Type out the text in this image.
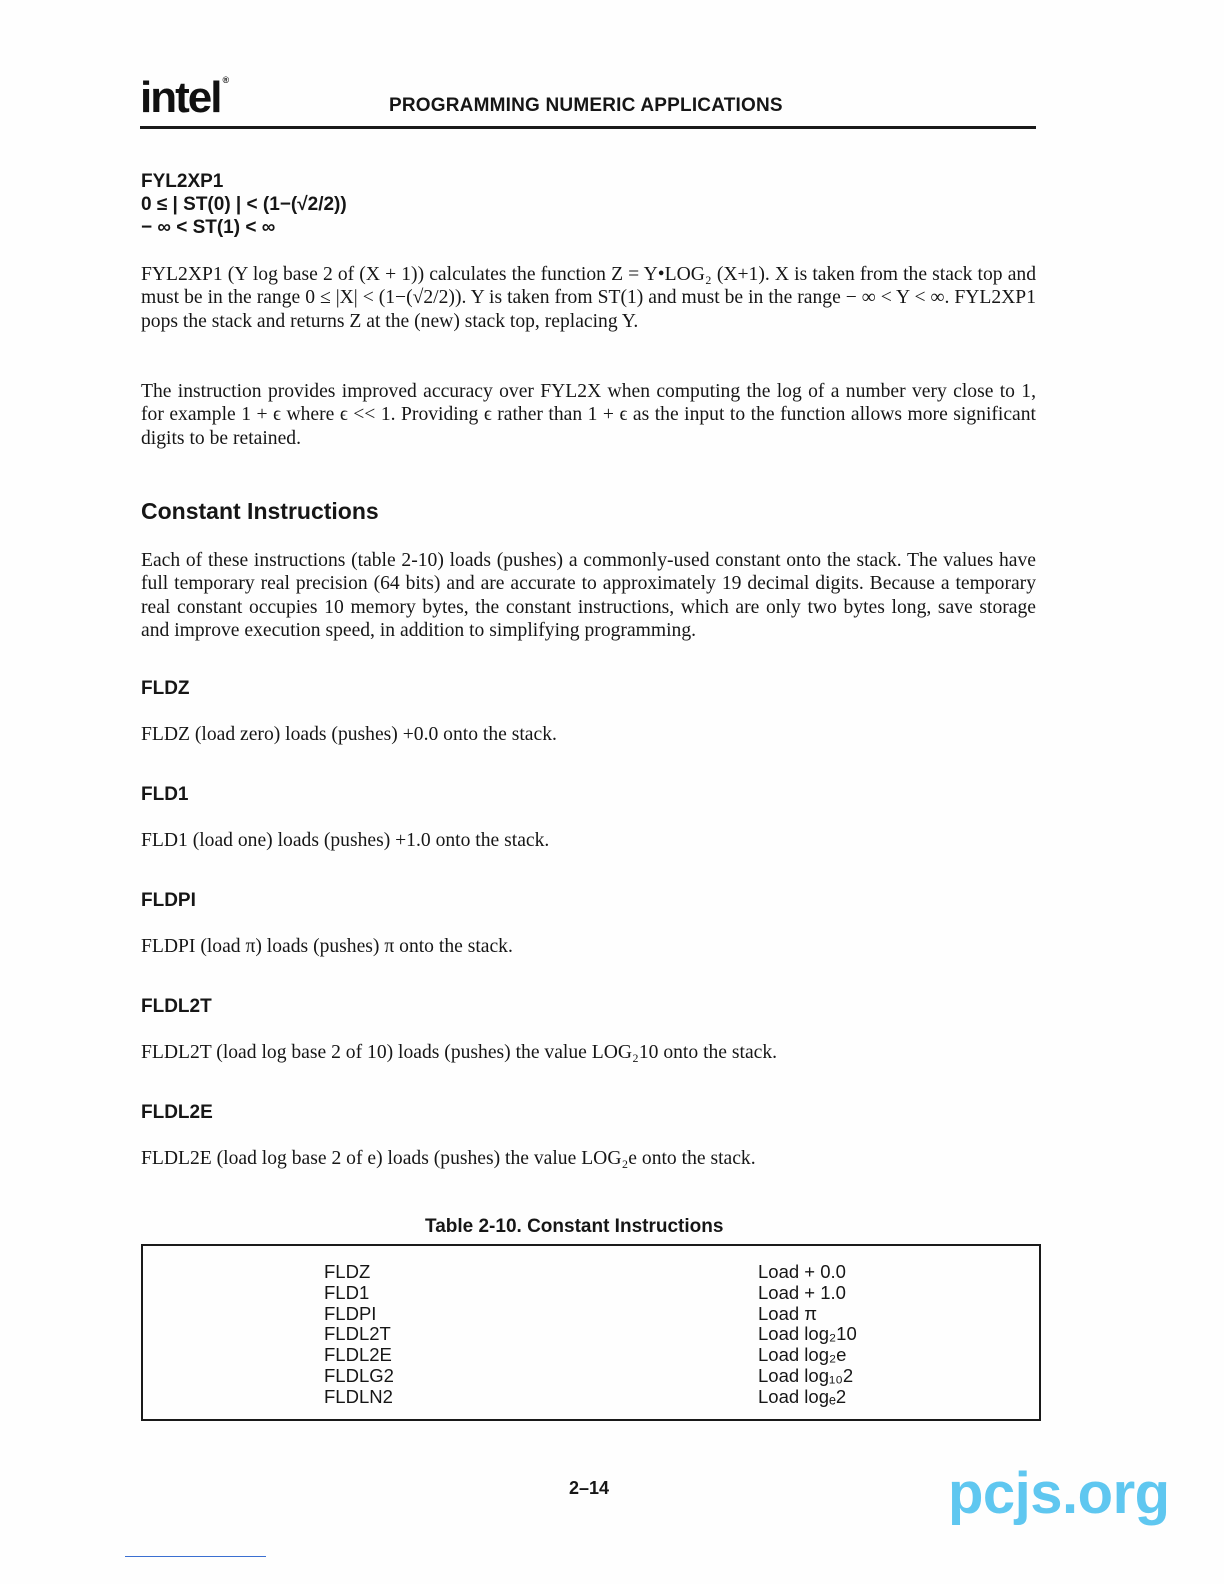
intel ®
PROGRAMMING NUMERIC APPLICATIONS
FYL2XP1
0 ≤ | ST(0) | < (1−(√2/2))
− ∞ < ST(1) < ∞
FYL2XP1 (Y log base 2 of (X + 1)) calculates the function Z = Y•LOG₂ (X+1). X is taken from the stack top and must be in the range 0 ≤ |X| < (1−(√2/2)). Y is taken from ST(1) and must be in the range − ∞ < Y < ∞. FYL2XP1 pops the stack and returns Z at the (new) stack top, replacing Y.
The instruction provides improved accuracy over FYL2X when computing the log of a number very close to 1, for example 1 + ϵ where ϵ << 1. Providing ϵ rather than 1 + ϵ as the input to the function allows more significant digits to be retained.
Constant Instructions
Each of these instructions (table 2-10) loads (pushes) a commonly-used constant onto the stack. The values have full temporary real precision (64 bits) and are accurate to approximately 19 decimal digits. Because a temporary real constant occupies 10 memory bytes, the constant instructions, which are only two bytes long, save storage and improve execution speed, in addition to simplifying programming.
FLDZ
FLDZ (load zero) loads (pushes) +0.0 onto the stack.
FLD1
FLD1 (load one) loads (pushes) +1.0 onto the stack.
FLDPI
FLDPI (load π) loads (pushes) π onto the stack.
FLDL2T
FLDL2T (load log base 2 of 10) loads (pushes) the value LOG₂10 onto the stack.
FLDL2E
FLDL2E (load log base 2 of e) loads (pushes) the value LOG₂e onto the stack.
Table 2-10. Constant Instructions
FLDZ
FLD1
FLDPI
FLDL2T
FLDL2E
FLDLG2
FLDLN2
Load + 0.0
Load + 1.0
Load π
Load log₂10
Load log₂e
Load log₁₀2
Load logₑ2
2–14	pcjs.org
